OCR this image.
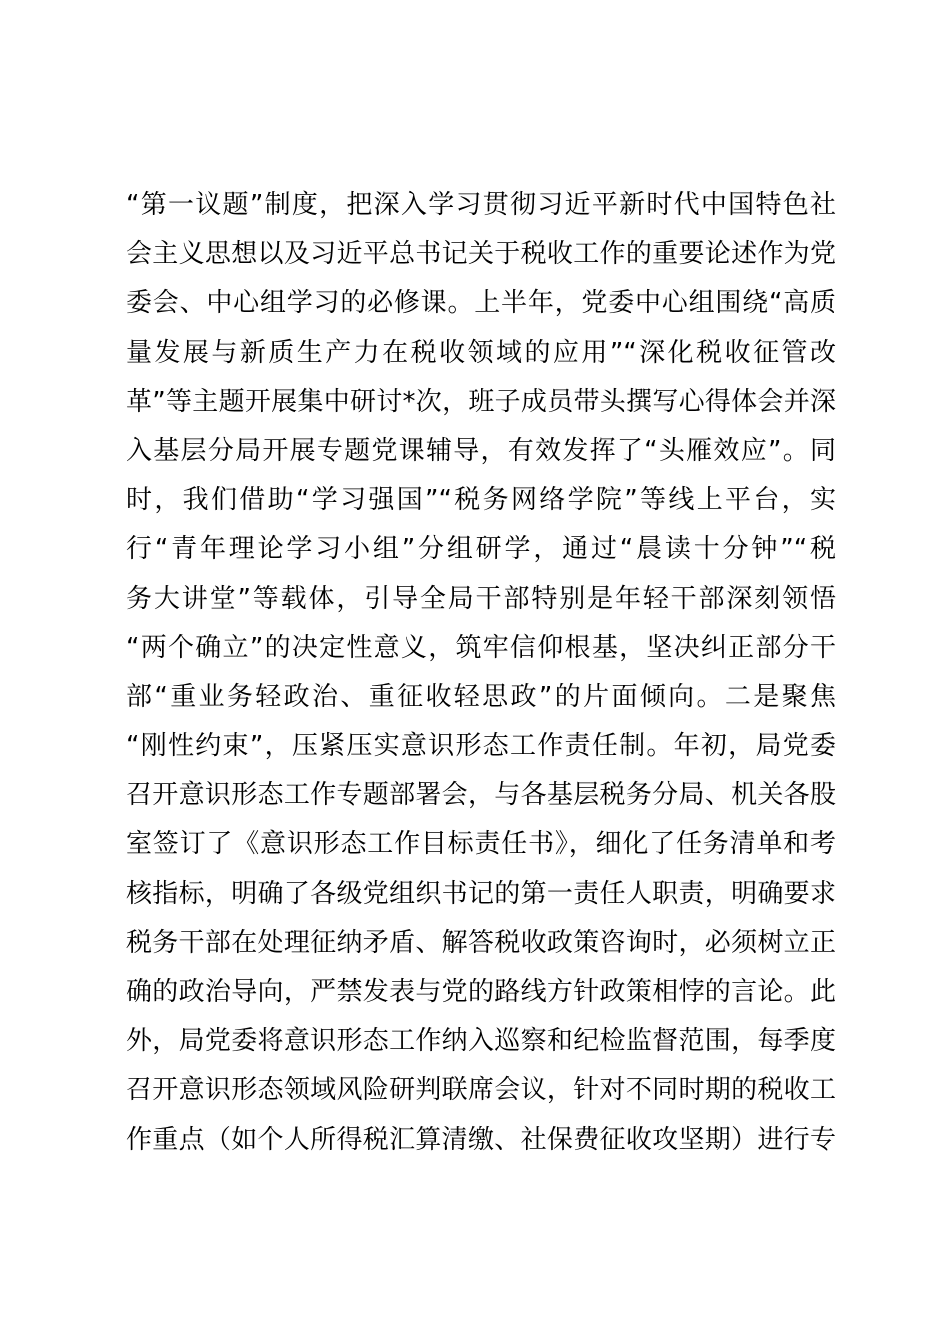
“第一议题”制度，把深入学习贯彻习近平新时代中国特色社
会主义思想以及习近平总书记关于税收工作的重要论述作为党
委会、中心组学习的必修课。上半年，党委中心组围绕“高质
量发展与新质生产力在税收领域的应用”“深化税收征管改
革”等主题开展集中研讨*次，班子成员带头撰写心得体会并深
入基层分局开展专题党课辅导，有效发挥了“头雁效应”。同
时，我们借助“学习强国”“税务网络学院”等线上平台，实
行“青年理论学习小组”分组研学，通过“晨读十分钟”“税
务大讲堂”等载体，引导全局干部特别是年轻干部深刻领悟
“两个确立”的决定性意义，筑牢信仰根基，坚决纠正部分干
部“重业务轻政治、重征收轻思政”的片面倾向。二是聚焦
“刚性约束”，压紧压实意识形态工作责任制。年初，局党委
召开意识形态工作专题部署会，与各基层税务分局、机关各股
室签订了《意识形态工作目标责任书》，细化了任务清单和考
核指标，明确了各级党组织书记的第一责任人职责，明确要求
税务干部在处理征纳矛盾、解答税收政策咨询时，必须树立正
确的政治导向，严禁发表与党的路线方针政策相悖的言论。此
外，局党委将意识形态工作纳入巡察和纪检监督范围，每季度
召开意识形态领域风险研判联席会议，针对不同时期的税收工
作重点（如个人所得税汇算清缴、社保费征收攻坚期）进行专
